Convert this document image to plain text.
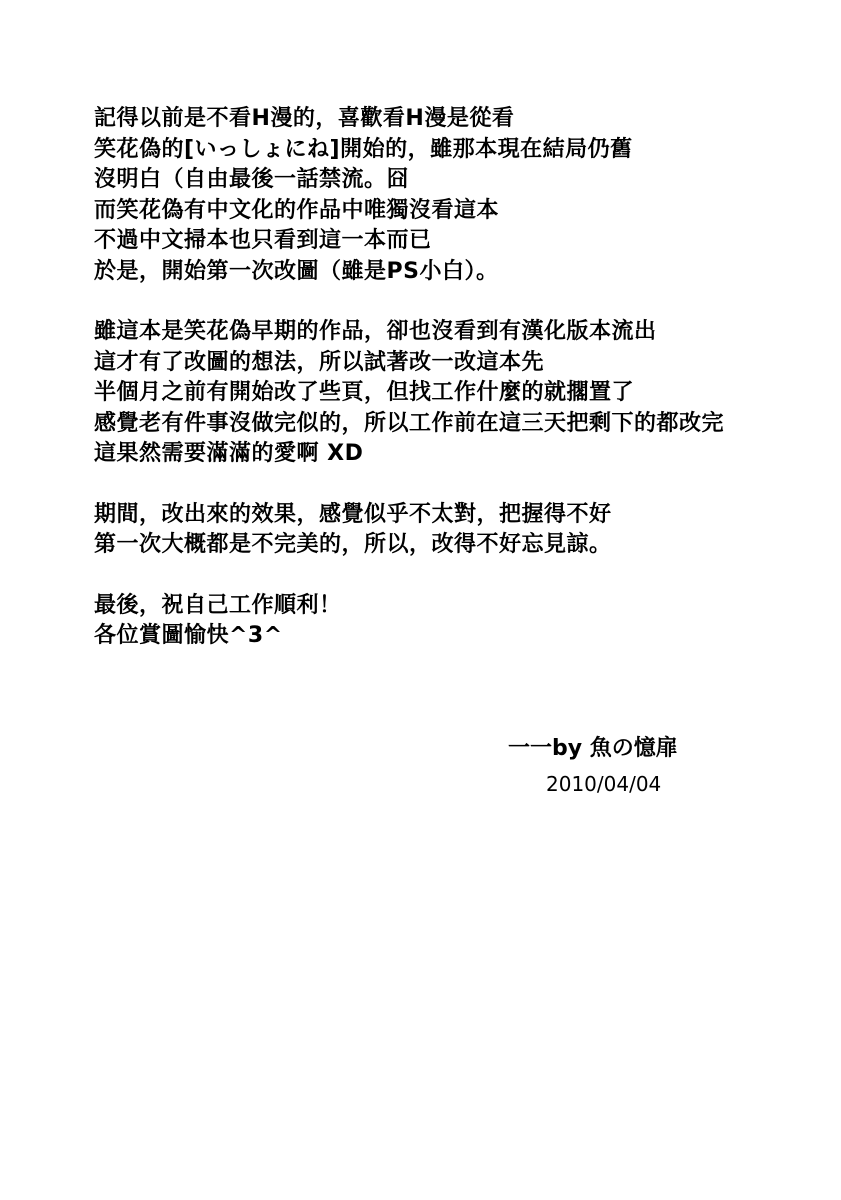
記得以前是不看H漫的，喜歡看H漫是從看
笑花偽的[いっしょにね]開始的，雖那本現在結局仍舊
沒明白（自由最後一話禁流。囧
而笑花偽有中文化的作品中唯獨沒看這本
不過中文掃本也只看到這一本而已
於是，開始第一次改圖（雖是PS小白）。
雖這本是笑花偽早期的作品，卻也沒看到有漢化版本流出
這才有了改圖的想法，所以試著改一改這本先
半個月之前有開始改了些頁，但找工作什麼的就擱置了
感覺老有件事沒做完似的，所以工作前在這三天把剩下的都改完
這果然需要滿滿的愛啊 XD
期間，改出來的效果，感覺似乎不太對，把握得不好
第一次大概都是不完美的，所以，改得不好忘見諒。
最後，祝自己工作順利！
各位賞圖愉快^3^
一一by 魚の憶扉
2010/04/04
